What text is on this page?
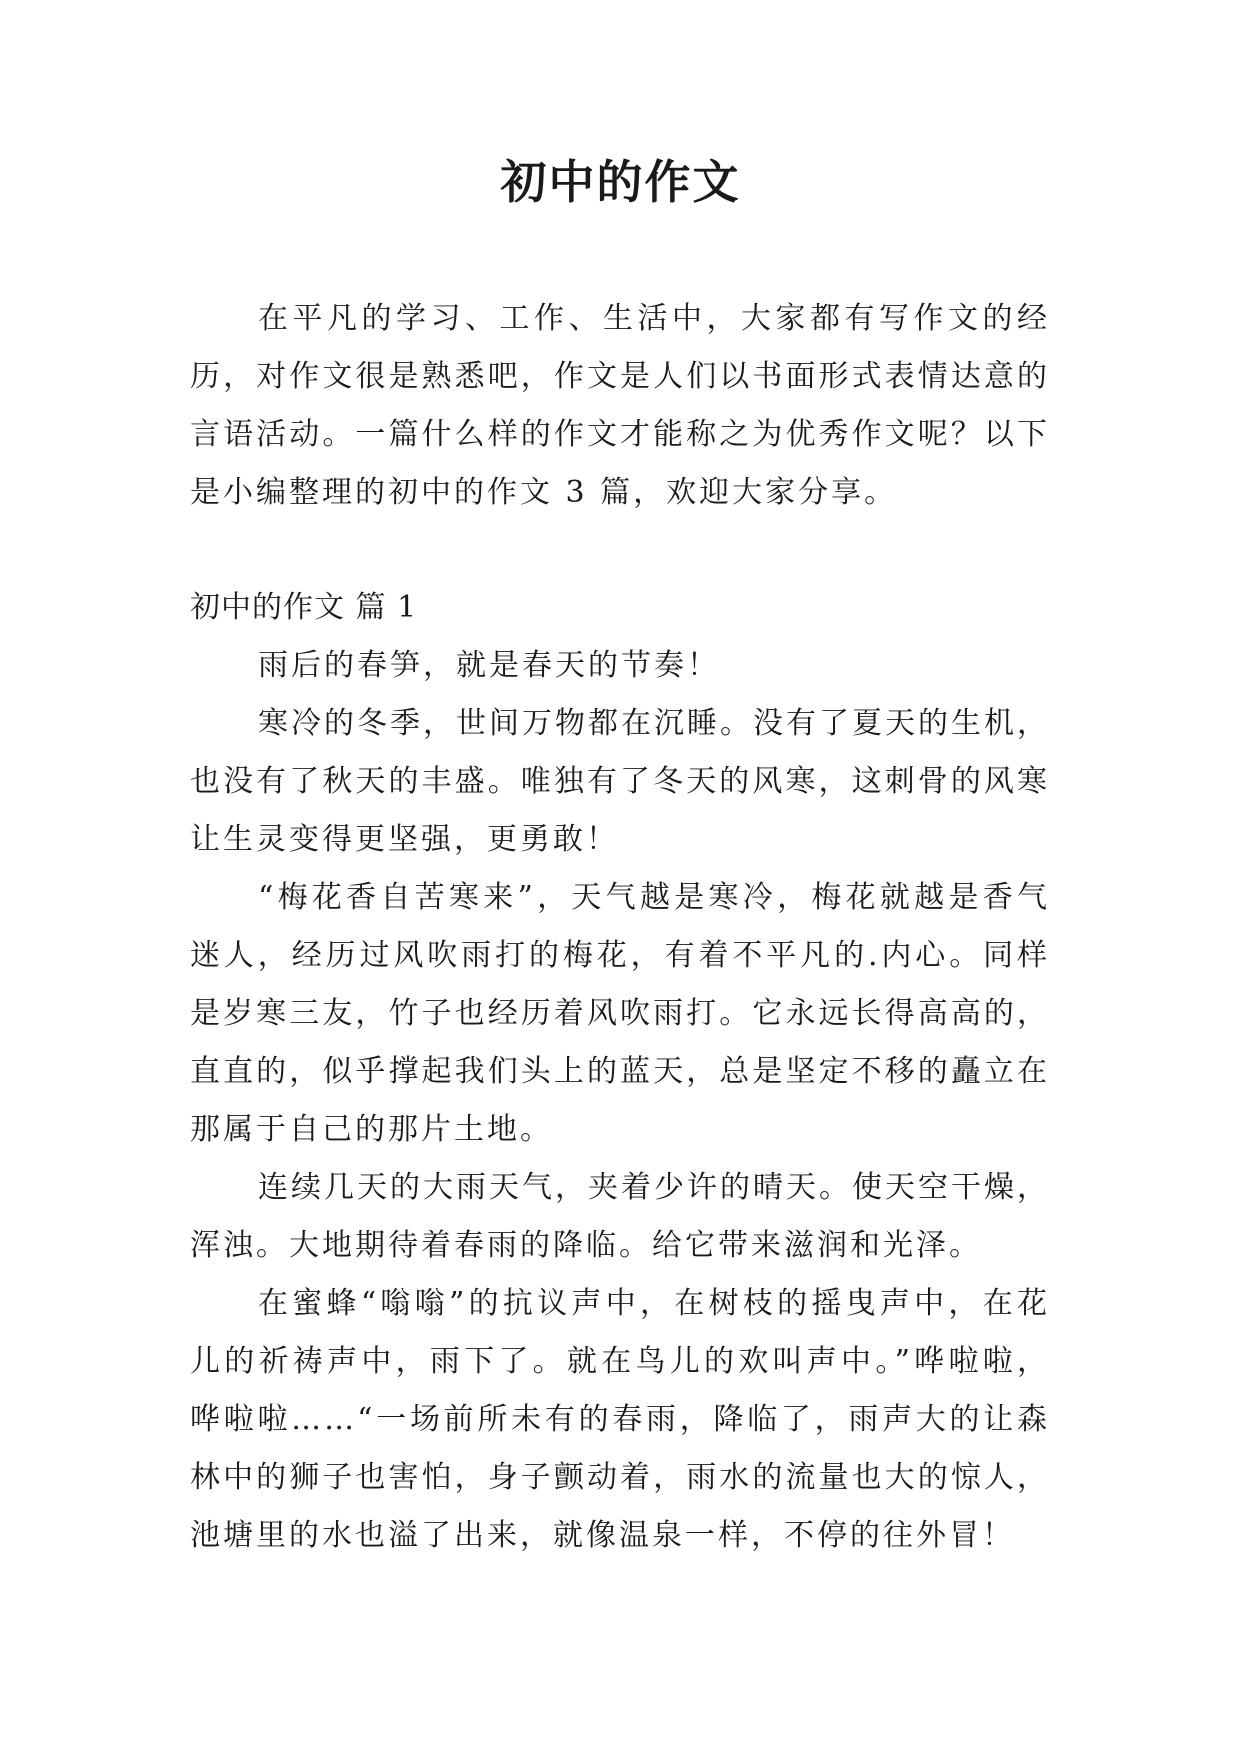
初中的作文

在平凡的学习、工作、生活中，大家都有写作文的经历，对作文很是熟悉吧，作文是人们以书面形式表情达意的言语活动。一篇什么样的作文才能称之为优秀作文呢？以下是小编整理的初中的作文 3 篇，欢迎大家分享。

初中的作文 篇 1

雨后的春笋，就是春天的节奏！

寒冷的冬季，世间万物都在沉睡。没有了夏天的生机，也没有了秋天的丰盛。唯独有了冬天的风寒，这刺骨的风寒让生灵变得更坚强，更勇敢！

“梅花香自苦寒来”，天气越是寒冷，梅花就越是香气迷人，经历过风吹雨打的梅花，有着不平凡的.内心。同样是岁寒三友，竹子也经历着风吹雨打。它永远长得高高的，直直的，似乎撑起我们头上的蓝天，总是坚定不移的矗立在那属于自己的那片土地。

连续几天的大雨天气，夹着少许的晴天。使天空干燥，浑浊。大地期待着春雨的降临。给它带来滋润和光泽。

在蜜蜂“嗡嗡”的抗议声中，在树枝的摇曳声中，在花儿的祈祷声中，雨下了。就在鸟儿的欢叫声中。”哗啦啦，哗啦啦……“一场前所未有的春雨，降临了，雨声大的让森林中的狮子也害怕，身子颤动着，雨水的流量也大的惊人，池塘里的水也溢了出来，就像温泉一样，不停的往外冒！
